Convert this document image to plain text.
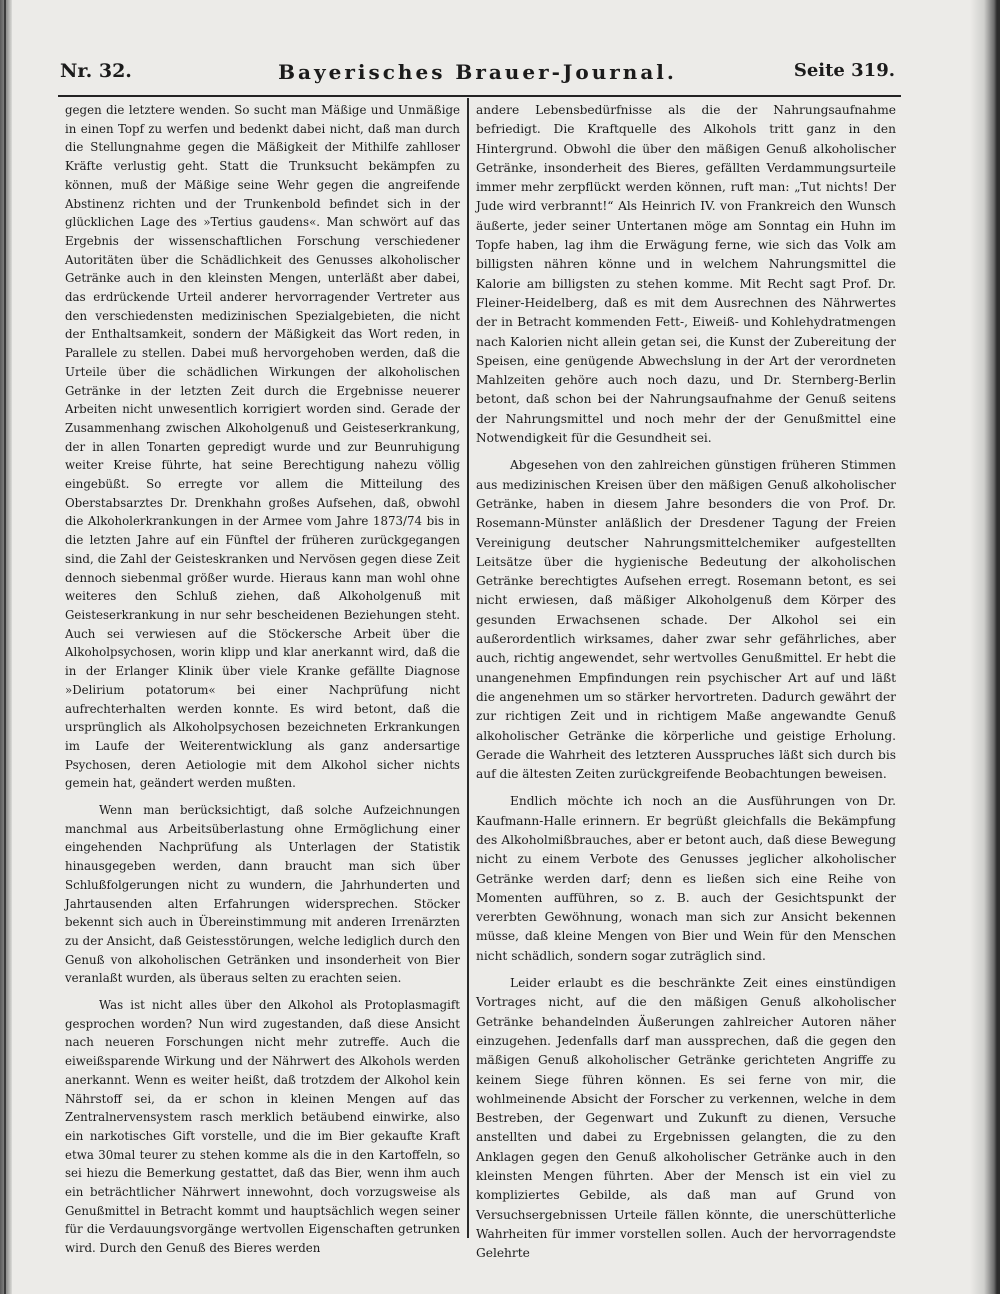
Nr. 32.	Bayerisches Brauer-Journal.	Seite 319.

gegen die letztere wenden. So sucht man Mäßige und Unmäßige in einen Topf zu werfen und bedenkt dabei nicht, daß man durch die Stellungnahme gegen die Mäßigkeit der Mithilfe zahlloser Kräfte verlustig geht. Statt die Trunksucht bekämpfen zu können, muß der Mäßige seine Wehr gegen die angreifende Abstinenz richten und der Trunkenbold befindet sich in der glücklichen Lage des »Tertius gaudens«. Man schwört auf das Ergebnis der wissenschaftlichen Forschung verschiedener Autoritäten über die Schädlichkeit des Genusses alkoholischer Getränke auch in den kleinsten Mengen, unterläßt aber dabei, das erdrückende Urteil anderer hervorragender Vertreter aus den verschiedensten medizinischen Spezialgebieten, die nicht der Enthaltsamkeit, sondern der Mäßigkeit das Wort reden, in Parallele zu stellen. Dabei muß hervorgehoben werden, daß die Urteile über die schädlichen Wirkungen der alkoholischen Getränke in der letzten Zeit durch die Ergebnisse neuerer Arbeiten nicht unwesentlich korrigiert worden sind. Gerade der Zusammenhang zwischen Alkoholgenuß und Geisteserkrankung, der in allen Tonarten gepredigt wurde und zur Beunruhigung weiter Kreise führte, hat seine Berechtigung nahezu völlig eingebüßt. So erregte vor allem die Mitteilung des Oberstabsarztes Dr. Drenkhahn großes Aufsehen, daß, obwohl die Alkoholerkrankungen in der Armee vom Jahre 1873/74 bis in die letzten Jahre auf ein Fünftel der früheren zurückgegangen sind, die Zahl der Geisteskranken und Nervösen gegen diese Zeit dennoch siebenmal größer wurde. Hieraus kann man wohl ohne weiteres den Schluß ziehen, daß Alkoholgenuß mit Geisteserkrankung in nur sehr bescheidenen Beziehungen steht. Auch sei verwiesen auf die Stöckersche Arbeit über die Alkoholpsychosen, worin klipp und klar anerkannt wird, daß die in der Erlanger Klinik über viele Kranke gefällte Diagnose »Delirium potatorum« bei einer Nachprüfung nicht aufrechterhalten werden konnte. Es wird betont, daß die ursprünglich als Alkoholpsychosen bezeichneten Erkrankungen im Laufe der Weiterentwicklung als ganz andersartige Psychosen, deren Aetiologie mit dem Alkohol sicher nichts gemein hat, geändert werden mußten.

Wenn man berücksichtigt, daß solche Aufzeichnungen manchmal aus Arbeitsüberlastung ohne Ermöglichung einer eingehenden Nachprüfung als Unterlagen der Statistik hinausgegeben werden, dann braucht man sich über Schlußfolgerungen nicht zu wundern, die Jahrhunderten und Jahrtausenden alten Erfahrungen widersprechen. Stöcker bekennt sich auch in Übereinstimmung mit anderen Irrenärzten zu der Ansicht, daß Geistesstörungen, welche lediglich durch den Genuß von alkoholischen Getränken und insonderheit von Bier veranlaßt wurden, als überaus selten zu erachten seien.

Was ist nicht alles über den Alkohol als Protoplasmagift gesprochen worden? Nun wird zugestanden, daß diese Ansicht nach neueren Forschungen nicht mehr zutreffe. Auch die eiweißsparende Wirkung und der Nährwert des Alkohols werden anerkannt. Wenn es weiter heißt, daß trotzdem der Alkohol kein Nährstoff sei, da er schon in kleinen Mengen auf das Zentralnervensystem rasch merklich betäubend einwirke, also ein narkotisches Gift vorstelle, und die im Bier gekaufte Kraft etwa 30mal teurer zu stehen komme als die in den Kartoffeln, so sei hiezu die Bemerkung gestattet, daß das Bier, wenn ihm auch ein beträchtlicher Nährwert innewohnt, doch vorzugsweise als Genußmittel in Betracht kommt und hauptsächlich wegen seiner für die Verdauungsvorgänge wertvollen Eigenschaften getrunken wird. Durch den Genuß des Bieres werden

andere Lebensbedürfnisse als die der Nahrungsaufnahme befriedigt. Die Kraftquelle des Alkohols tritt ganz in den Hintergrund. Obwohl die über den mäßigen Genuß alkoholischer Getränke, insonderheit des Bieres, gefällten Verdammungsurteile immer mehr zerpflückt werden können, ruft man: „Tut nichts! Der Jude wird verbrannt!“ Als Heinrich IV. von Frankreich den Wunsch äußerte, jeder seiner Untertanen möge am Sonntag ein Huhn im Topfe haben, lag ihm die Erwägung ferne, wie sich das Volk am billigsten nähren könne und in welchem Nahrungsmittel die Kalorie am billigsten zu stehen komme. Mit Recht sagt Prof. Dr. Fleiner-Heidelberg, daß es mit dem Ausrechnen des Nährwertes der in Betracht kommenden Fett-, Eiweiß- und Kohlehydratmengen nach Kalorien nicht allein getan sei, die Kunst der Zubereitung der Speisen, eine genügende Abwechslung in der Art der verordneten Mahlzeiten gehöre auch noch dazu, und Dr. Sternberg-Berlin betont, daß schon bei der Nahrungsaufnahme der Genuß seitens der Nahrungsmittel und noch mehr der der Genußmittel eine Notwendigkeit für die Gesundheit sei.

Abgesehen von den zahlreichen günstigen früheren Stimmen aus medizinischen Kreisen über den mäßigen Genuß alkoholischer Getränke, haben in diesem Jahre besonders die von Prof. Dr. Rosemann-Münster anläßlich der Dresdener Tagung der Freien Vereinigung deutscher Nahrungsmittelchemiker aufgestellten Leitsätze über die hygienische Bedeutung der alkoholischen Getränke berechtigtes Aufsehen erregt. Rosemann betont, es sei nicht erwiesen, daß mäßiger Alkoholgenuß dem Körper des gesunden Erwachsenen schade. Der Alkohol sei ein außerordentlich wirksames, daher zwar sehr gefährliches, aber auch, richtig angewendet, sehr wertvolles Genußmittel. Er hebt die unangenehmen Empfindungen rein psychischer Art auf und läßt die angenehmen um so stärker hervortreten. Dadurch gewährt der zur richtigen Zeit und in richtigem Maße angewandte Genuß alkoholischer Getränke die körperliche und geistige Erholung. Gerade die Wahrheit des letzteren Ausspruches läßt sich durch bis auf die ältesten Zeiten zurückgreifende Beobachtungen beweisen.

Endlich möchte ich noch an die Ausführungen von Dr. Kaufmann-Halle erinnern. Er begrüßt gleichfalls die Bekämpfung des Alkoholmißbrauches, aber er betont auch, daß diese Bewegung nicht zu einem Verbote des Genusses jeglicher alkoholischer Getränke werden darf; denn es ließen sich eine Reihe von Momenten aufführen, so z. B. auch der Gesichtspunkt der vererbten Gewöhnung, wonach man sich zur Ansicht bekennen müsse, daß kleine Mengen von Bier und Wein für den Menschen nicht schädlich, sondern sogar zuträglich sind.

Leider erlaubt es die beschränkte Zeit eines einstündigen Vortrages nicht, auf die den mäßigen Genuß alkoholischer Getränke behandelnden Äußerungen zahlreicher Autoren näher einzugehen. Jedenfalls darf man aussprechen, daß die gegen den mäßigen Genuß alkoholischer Getränke gerichteten Angriffe zu keinem Siege führen können. Es sei ferne von mir, die wohlmeinende Absicht der Forscher zu verkennen, welche in dem Bestreben, der Gegenwart und Zukunft zu dienen, Versuche anstellten und dabei zu Ergebnissen gelangten, die zu den Anklagen gegen den Genuß alkoholischer Getränke auch in den kleinsten Mengen führten. Aber der Mensch ist ein viel zu kompliziertes Gebilde, als daß man auf Grund von Versuchsergebnissen Urteile fällen könnte, die unerschütterliche Wahrheiten für immer vorstellen sollen. Auch der hervorragendste Gelehrte
